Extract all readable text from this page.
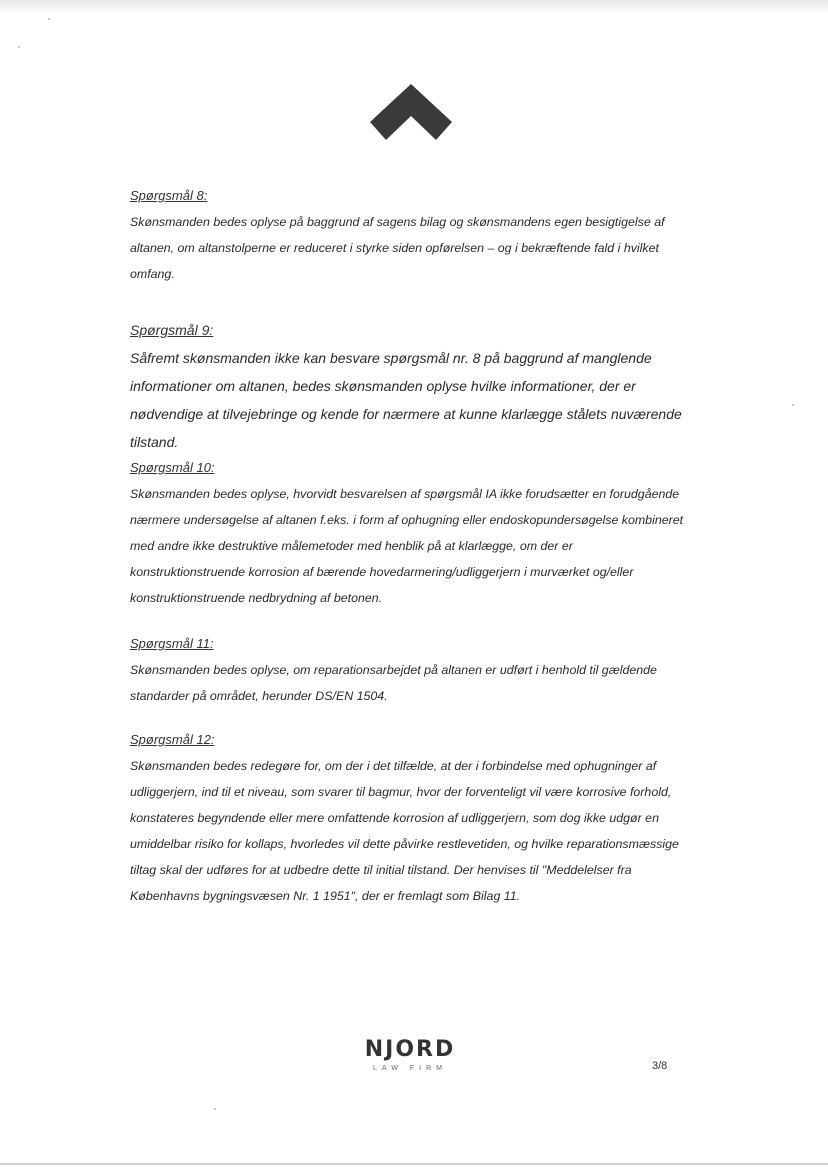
Spørgsmål 8:

Skønsmanden bedes oplyse på baggrund af sagens bilag og skønsmandens egen besigtigelse af altanen, om altanstolperne er reduceret i styrke siden opførelsen – og i bekræftende fald i hvilket omfang.

Spørgsmål 9:

Såfremt skønsmanden ikke kan besvare spørgsmål nr. 8 på baggrund af manglende informationer om altanen, bedes skønsmanden oplyse hvilke informationer, der er nødvendige at tilvejebringe og kende for nærmere at kunne klarlægge stålets nuværende tilstand.

Spørgsmål 10:

Skønsmanden bedes oplyse, hvorvidt besvarelsen af spørgsmål IA ikke forudsætter en forudgående nærmere undersøgelse af altanen f.eks. i form af ophugning eller endoskopundersøgelse kombineret med andre ikke destruktive målemetoder med henblik på at klarlægge, om der er konstruktionstruende korrosion af bærende hovedarmering/udliggerjern i murværket og/eller konstruktionstruende nedbrydning af betonen.

Spørgsmål 11:

Skønsmanden bedes oplyse, om reparationsarbejdet på altanen er udført i henhold til gældende standarder på området, herunder DS/EN 1504.

Spørgsmål 12:

Skønsmanden bedes redegøre for, om der i det tilfælde, at der i forbindelse med ophugninger af udliggerjern, ind til et niveau, som svarer til bagmur, hvor der forventeligt vil være korrosive forhold, konstateres begyndende eller mere omfattende korrosion af udliggerjern, som dog ikke udgør en umiddelbar risiko for kollaps, hvorledes vil dette påvirke restlevetiden, og hvilke reparationsmæssige tiltag skal der udføres for at udbedre dette til initial tilstand. Der henvises til "Meddelelser fra Københavns bygningsvæsen Nr. 1 1951", der er fremlagt som Bilag 11.

NJORD
LAW FIRM	3/8
